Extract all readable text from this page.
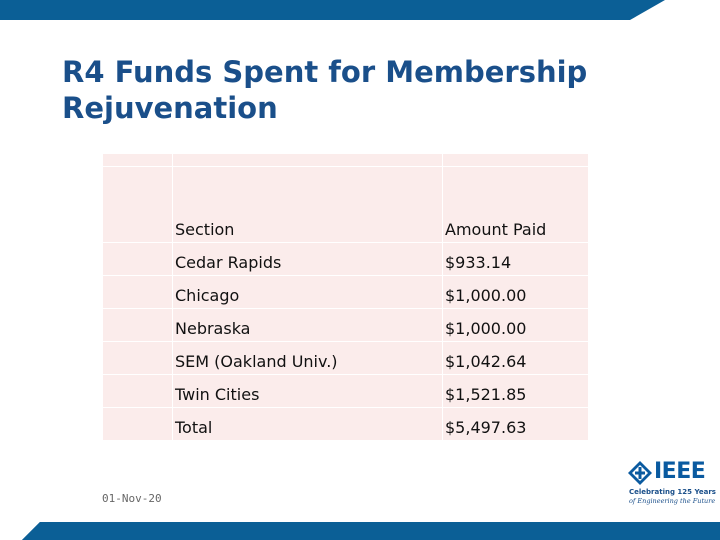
R4 Funds Spent for Membership Rejuvenation

	Section	Amount Paid

	Cedar Rapids	$933.14

	Chicago	$1,000.00

	Nebraska	$1,000.00

	SEM (Oakland Univ.)	$1,042.64

	Twin Cities	$1,521.85

	Total	$5,497.63
01-Nov-20
IEEE
Celebrating 125 Years
of Engineering the Future
